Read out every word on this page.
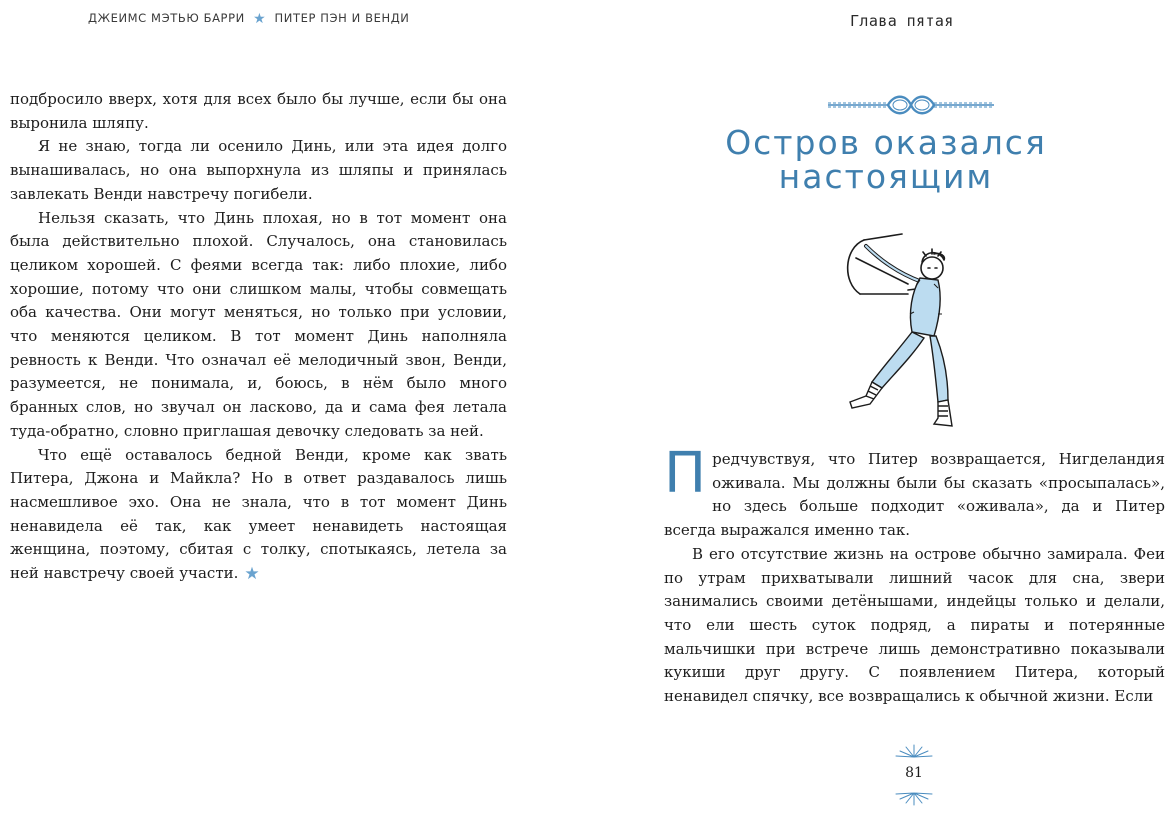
ДЖЕИМС МЭТЬЮ БАРРИ ★ ПИТЕР ПЭН И ВЕНДИ

подбросило вверх, хотя для всех было бы лучше, если бы она выронила шляпу.

Я не знаю, тогда ли осенило Динь, или эта идея долго вынашивалась, но она выпорхнула из шляпы и принялась завлекать Венди навстречу погибели.

Нельзя сказать, что Динь плохая, но в тот момент она была действительно плохой. Случалось, она становилась целиком хорошей. С феями всегда так: либо плохие, либо хорошие, потому что они слишком малы, чтобы совмещать оба качества. Они могут меняться, но только при условии, что меняются целиком. В тот момент Динь наполняла ревность к Венди. Что означал её мелодичный звон, Венди, разумеется, не понимала, и, боюсь, в нём было много бранных слов, но звучал он ласково, да и сама фея летала туда-обратно, словно приглашая девочку следовать за ней.

Что ещё оставалось бедной Венди, кроме как звать Питера, Джона и Майкла? Но в ответ раздавалось лишь насмешливое эхо. Она не знала, что в тот момент Динь ненавидела её так, как умеет ненавидеть настоящая женщина, поэтому, сбитая с толку, спотыкаясь, летела за ней навстречу своей участи. ★

Глава пятая
Остров оказался
настоящим

Предчувствуя, что Питер возвращается, Нигделандия оживала. Мы должны были бы сказать «просыпалась», но здесь больше подходит «оживала», да и Питер всегда выражался именно так.

В его отсутствие жизнь на острове обычно замирала. Феи по утрам прихватывали лишний часок для сна, звери занимались своими детёнышами, индейцы только и делали, что ели шесть суток подряд, а пираты и потерянные мальчишки при встрече лишь демонстративно показывали кукиши друг другу. С появлением Питера, который ненавидел спячку, все возвращались к обычной жизни. Если

81
